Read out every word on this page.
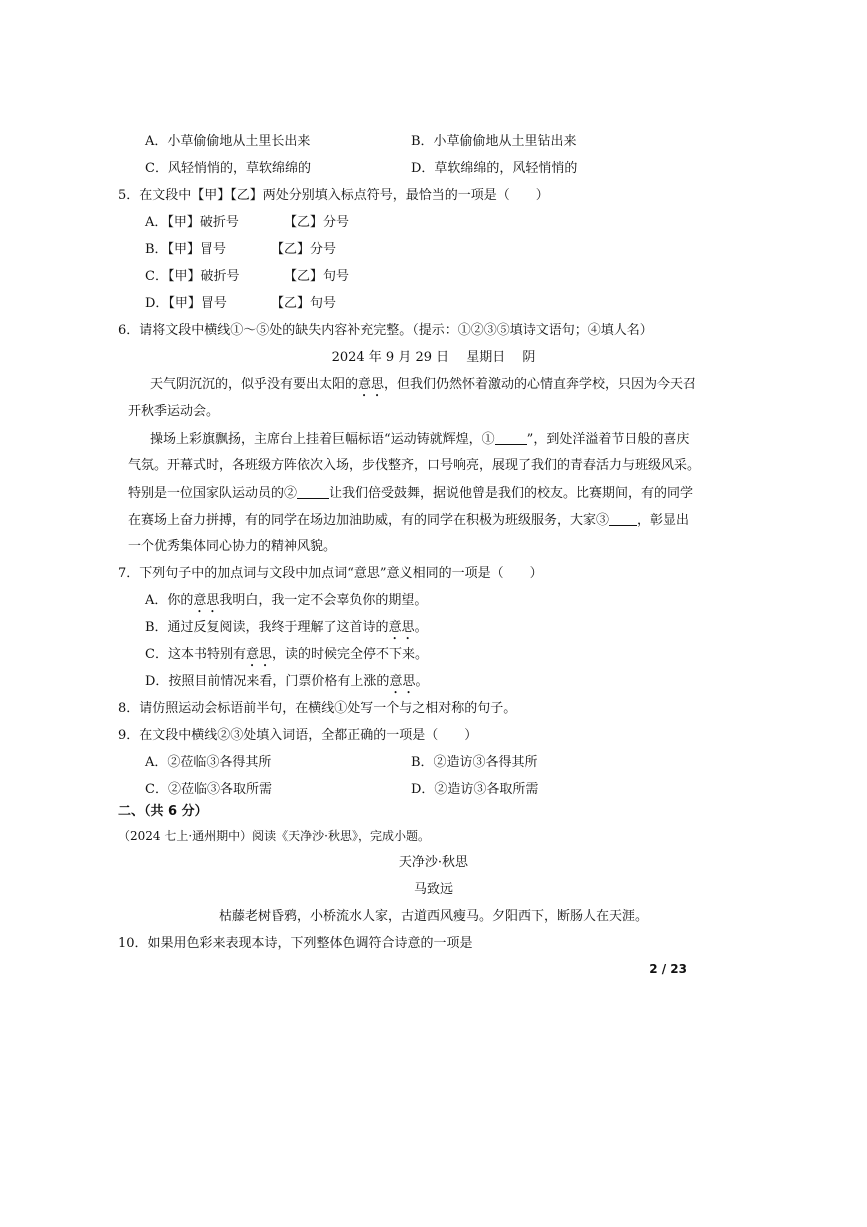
A．小草偷偷地从土里长出来	B．小草偷偷地从土里钻出来
C．风轻悄悄的，草软绵绵的	D．草软绵绵的，风轻悄悄的
5．在文段中【甲】【乙】两处分别填入标点符号，最恰当的一项是（　　）
A．【甲】破折号	【乙】分号
B．【甲】冒号	【乙】分号
C．【甲】破折号	【乙】句号
D．【甲】冒号	【乙】句号
6．请将文段中横线①～⑤处的缺失内容补充完整。（提示：①②③⑤填诗文语句；④填人名）
2024 年 9 月 29 日　 星期日　 阴
天气阴沉沉的，似乎没有要出太阳的意思，但我们仍然怀着激动的心情直奔学校，只因为今天召
开秋季运动会。
操场上彩旗飘扬，主席台上挂着巨幅标语“运动铸就辉煌，① ”，到处洋溢着节日般的喜庆
气氛。开幕式时，各班级方阵依次入场，步伐整齐，口号响亮，展现了我们的青春活力与班级风采。
特别是一位国家队运动员的② 让我们倍受鼓舞，据说他曾是我们的校友。比赛期间，有的同学
在赛场上奋力拼搏，有的同学在场边加油助威，有的同学在积极为班级服务，大家③ ，彰显出
一个优秀集体同心协力的精神风貌。
7．下列句子中的加点词与文段中加点词“意思”意义相同的一项是（　　）
A．你的意思我明白，我一定不会辜负你的期望。
B．通过反复阅读，我终于理解了这首诗的意思。
C．这本书特别有意思，读的时候完全停不下来。
D．按照目前情况来看，门票价格有上涨的意思。
8．请仿照运动会标语前半句，在横线①处写一个与之相对称的句子。
9．在文段中横线②③处填入词语，全都正确的一项是（　　）
A．②莅临③各得其所	B．②造访③各得其所
C．②莅临③各取所需	D．②造访③各取所需
二、（共 6 分）
（2024 七上·通州期中）阅读《天净沙·秋思》，完成小题。
天净沙·秋思
马致远
枯藤老树昏鸦，小桥流水人家，古道西风瘦马。夕阳西下，断肠人在天涯。
10．如果用色彩来表现本诗，下列整体色调符合诗意的一项是
2 / 23
